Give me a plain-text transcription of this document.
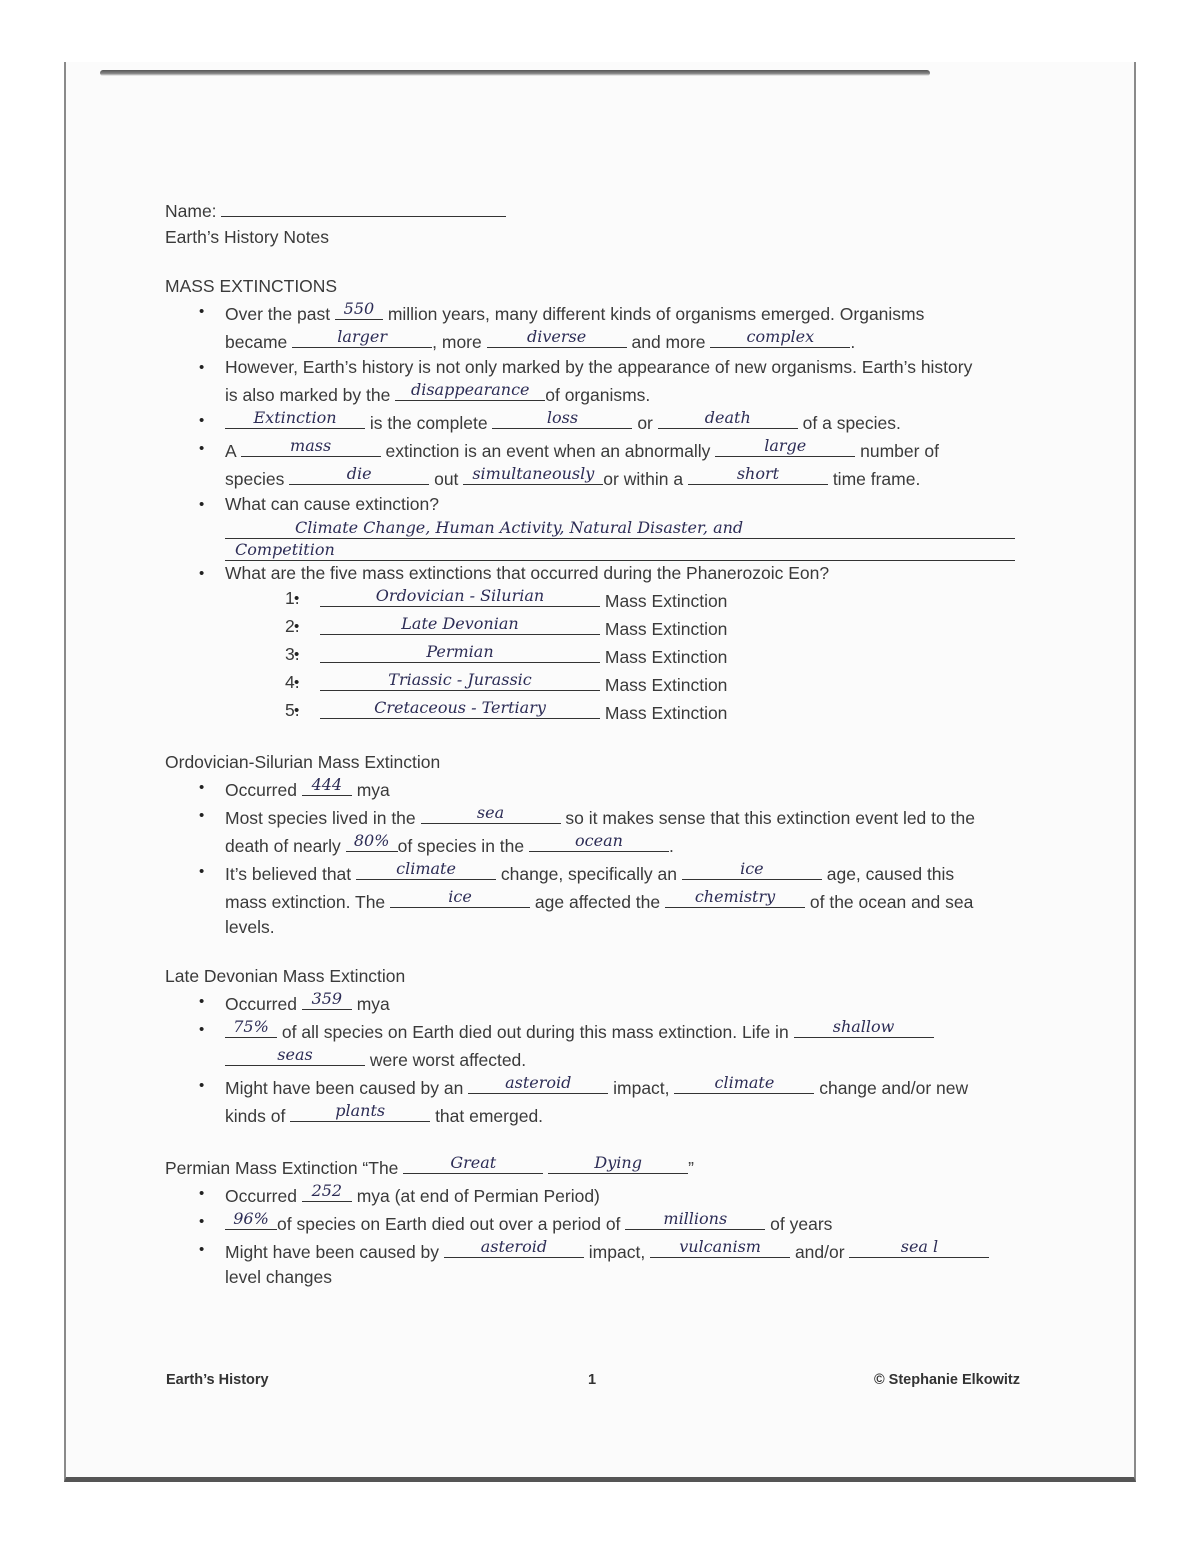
Name:

Earth’s History Notes

MASS EXTINCTIONS

• Over the past 550 million years, many different kinds of organisms emerged. Organisms
became	larger	, more	diverse	and more	complex .
• However, Earth’s history is not only marked by the appearance of new organisms. Earth’s history
is also marked by the disappearance of organisms.
• Extinction is the complete	loss	or	death	of a species.
• A	mass	extinction is an event when an abnormally	large	number of
species	die	out simultaneously or within a	short	time frame.
• What can cause extinction?
Climate Change, Human Activity, Natural Disaster, and
Competition
• What are the five mass extinctions that occurred during the Phanerozoic Eon?
• 1.	Ordovician - Silurian	Mass Extinction
• 2.	Late Devonian	Mass Extinction
• 3.	Permian	Mass Extinction
• 4.	Triassic - Jurassic	Mass Extinction
• 5.	Cretaceous - Tertiary	Mass Extinction

Ordovician-Silurian Mass Extinction

• Occurred 444 mya
• Most species lived in the	sea	so it makes sense that this extinction event led to the
death of nearly 80% of species in the	ocean	.
• It’s believed that	climate	change, specifically an	ice	age, caused this
mass extinction. The	ice	age affected the chemistry of the ocean and sea
levels.

Late Devonian Mass Extinction

• Occurred 359 mya
• 75% of all species on Earth died out during this mass extinction. Life in	shallow
seas	were worst affected.
• Might have been caused by an	asteroid impact,	climate	change and/or new
kinds of	plants	that emerged.

Permian Mass Extinction “The	Great	Dying	”

• Occurred 252 mya (at end of Permian Period)
• 96% of species on Earth died out over a period of	millions of years
• Might have been caused by	asteroid impact, vulcanism and/or	sea l
level changes
Earth’s History	1	© Stephanie Elkowitz
